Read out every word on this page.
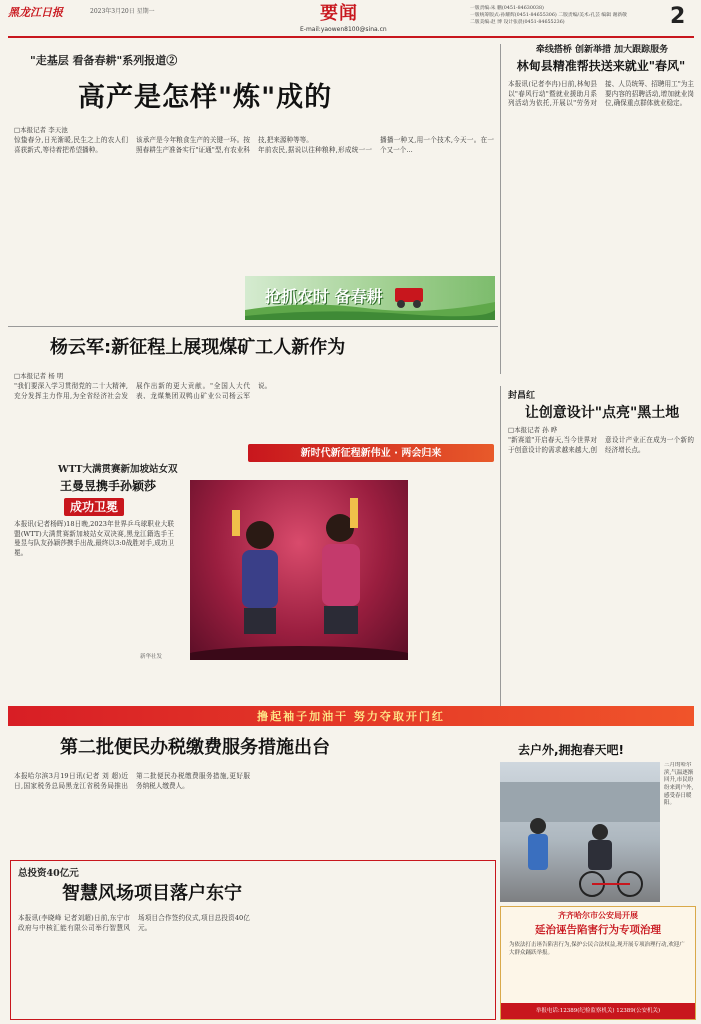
黑龙江日报	2023年3月20日 星期一	要闻
E-mail:yaowen8100@sina.cn
一版责编:朱 鹏(0451-84630038)
一版统筹版式:孙耀辉(0451-84655306) 二版责编/美术:孔芸 编辑 谢新敬
二版美编:赵 博 设计张晨(0451-84655236)	2
"走基层 看备春耕"系列报道②
高产是怎样"炼"成的
□本报记者 李天池
惊蛰春分,日光渐暖,民生之上的农人们喜获新式,等待着把希望播种。
该承产是今年粮食生产的关键一环。按照春耕生产准备实行"证通"型,有农业科技,把来源种等等。
年前农民,据说以往种粮种,形成统一一播播一种又,用一个技术,今天一。在一个又一个...
抢抓农时 备春耕
牵线搭桥 创新举措 加大跟踪服务
林甸县精准帮扶送来就业"春风"
本报讯(记者李冉)日前,林甸县以"春风行动"暨就业援助月系列活动为依托,开展以"劳务对接、人员统筹、招聘用工"为主要内容的招聘活动,增加就业岗位,确保重点群体就业稳定。
杨云军:新征程上展现煤矿工人新作为
□本报记者 杨 明
"我们要深入学习贯彻党的二十大精神,充分发挥主力作用,为全省经济社会发展作出新的更大贡献。"全国人大代表、龙煤集团双鸭山矿业公司杨云军说。
新时代新征程新伟业 · 两会归来
封昌红
让创意设计"点亮"黑土地
□本报记者 孙 晔
"新赛道"开启春天,当今世界对于创意设计的需求越来越大,创意设计产业正在成为一个新的经济增长点。
WTT大满贯赛新加坡站女双
王曼昱携手孙颖莎
成功卫冕
本报讯(记者杨晖)18日晚,2023年世界乒乓球职业大联盟(WTT)大满贯赛新加坡站女双决赛,黑龙江籍选手王曼昱与队友孙颖莎携手出战,最终以3:0战胜对手,成功卫冕。
新华社发
撸起袖子加油干 努力夺取开门红
第二批便民办税缴费服务措施出台
本报哈尔滨3月19日讯(记者 刘 超)近日,国家税务总局黑龙江省税务局推出第二批便民办税缴费服务措施,更好服务纳税人缴费人。
去户外,拥抱春天吧!
三月的哈尔滨,气温逐渐回升,市民纷纷来到户外,感受春日暖阳。
总投资40亿元
智慧风场项目落户东宁
本报讯(李晓峰 记者刘超)日前,东宁市政府与中核汇能有限公司举行智慧风场项目合作签约仪式,项目总投资40亿元。
齐齐哈尔市公安局开展
延治诬告陷害行为专项治理
为依法打击诬告陷害行为,保护公民合法权益,现开展专项治理行动,欢迎广大群众踊跃举报。
举报电话:12389(纪检监察机关) 12389(公安机关)
